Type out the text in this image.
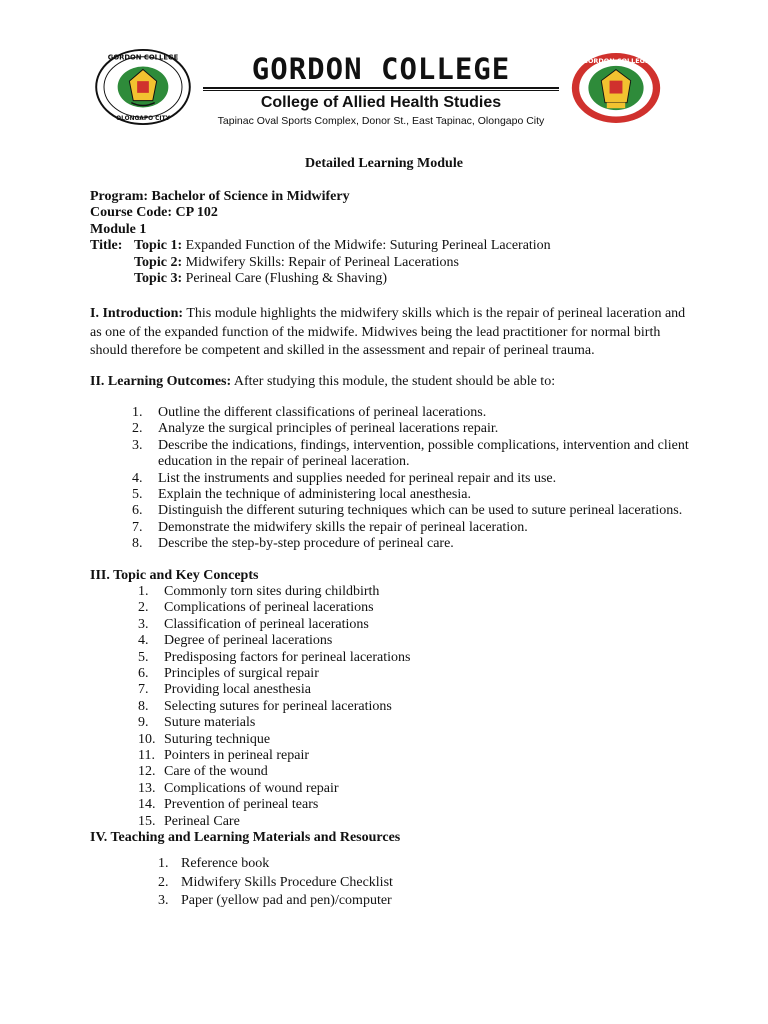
GORDON COLLEGE
OLONGAPO CITY
GORDON COLLEGE
College of Allied Health Studies
Tapinac Oval Sports Complex, Donor St., East Tapinac, Olongapo City
GORDON COLLEGE
Detailed Learning Module
Program: Bachelor of Science in Midwifery
Course Code: CP 102
Module 1
Title: Topic 1: Expanded Function of the Midwife: Suturing Perineal Laceration
Topic 2: Midwifery Skills: Repair of Perineal Lacerations
Topic 3: Perineal Care (Flushing & Shaving)
I. Introduction: This module highlights the midwifery skills which is the repair of perineal laceration and as one of the expanded function of the midwife. Midwives being the lead practitioner for normal birth should therefore be competent and skilled in the assessment and repair of perineal trauma.
II. Learning Outcomes: After studying this module, the student should be able to:
1.	Outline the different classifications of perineal lacerations.
2.	Analyze the surgical principles of perineal lacerations repair.
3.	Describe the indications, findings, intervention, possible complications, intervention and client education in the repair of perineal laceration.
4.	List the instruments and supplies needed for perineal repair and its use.
5.	Explain the technique of administering local anesthesia.
6.	Distinguish the different suturing techniques which can be used to suture perineal lacerations.
7.	Demonstrate the midwifery skills the repair of perineal laceration.
8.	Describe the step-by-step procedure of perineal care.
III. Topic and Key Concepts
1.	Commonly torn sites during childbirth
2.	Complications of perineal lacerations
3.	Classification of perineal lacerations
4.	Degree of perineal lacerations
5.	Predisposing factors for perineal lacerations
6.	Principles of surgical repair
7.	Providing local anesthesia
8.	Selecting sutures for perineal lacerations
9.	Suture materials
10. Suturing technique
11. Pointers in perineal repair
12. Care of the wound
13. Complications of wound repair
14. Prevention of perineal tears
15. Perineal Care
IV. Teaching and Learning Materials and Resources
1. Reference book
2. Midwifery Skills Procedure Checklist
3. Paper (yellow pad and pen)/computer
